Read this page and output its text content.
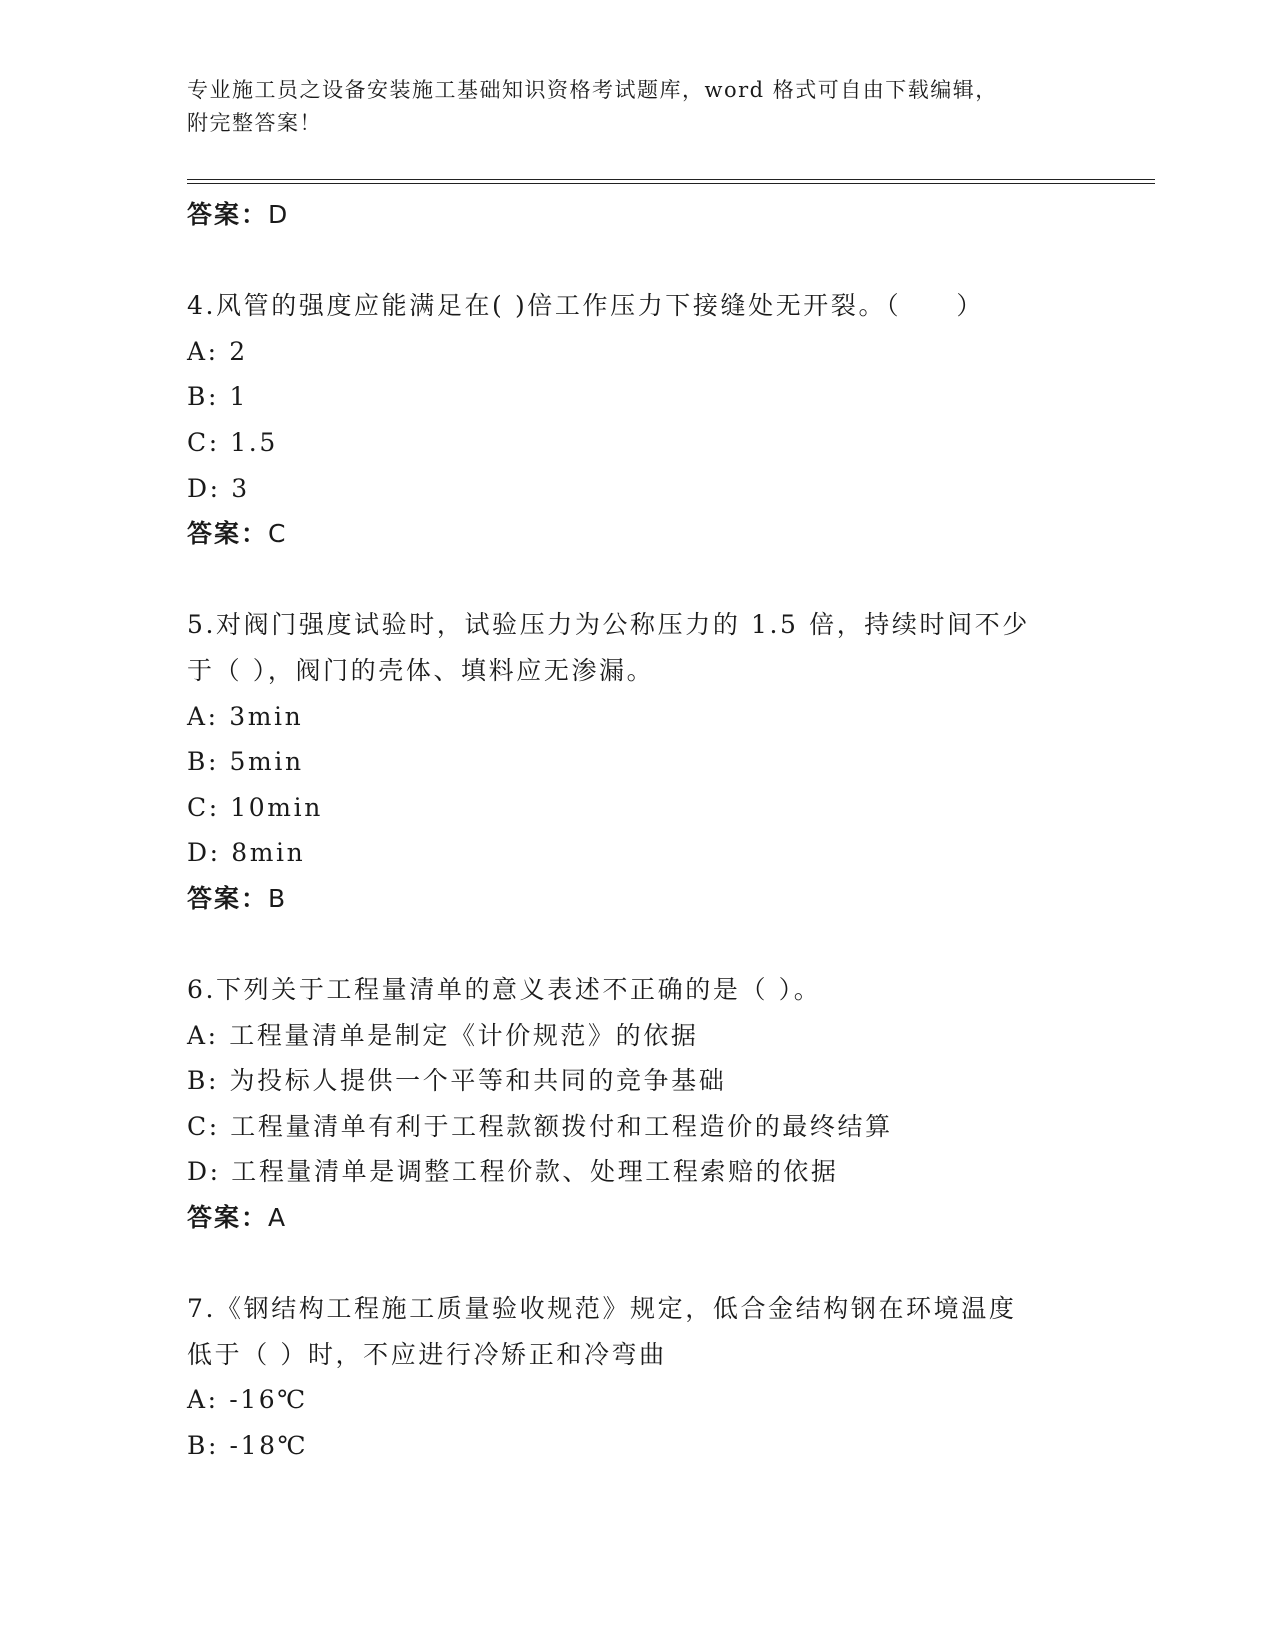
专业施工员之设备安装施工基础知识资格考试题库，word 格式可自由下载编辑，
附完整答案！
答案：D
4.风管的强度应能满足在( )倍工作压力下接缝处无开裂。（　　）
A: 2
B: 1
C: 1.5
D: 3
答案：C
5.对阀门强度试验时，试验压力为公称压力的 1.5 倍，持续时间不少
于（ ），阀门的壳体、填料应无渗漏。
A: 3min
B: 5min
C: 10min
D: 8min
答案：B
6.下列关于工程量清单的意义表述不正确的是（ ）。
A: 工程量清单是制定《计价规范》的依据
B: 为投标人提供一个平等和共同的竞争基础
C: 工程量清单有利于工程款额拨付和工程造价的最终结算
D: 工程量清单是调整工程价款、处理工程索赔的依据
答案：A
7.《钢结构工程施工质量验收规范》规定，低合金结构钢在环境温度
低于（ ）时，不应进行冷矫正和冷弯曲
A: -16℃
B: -18℃
